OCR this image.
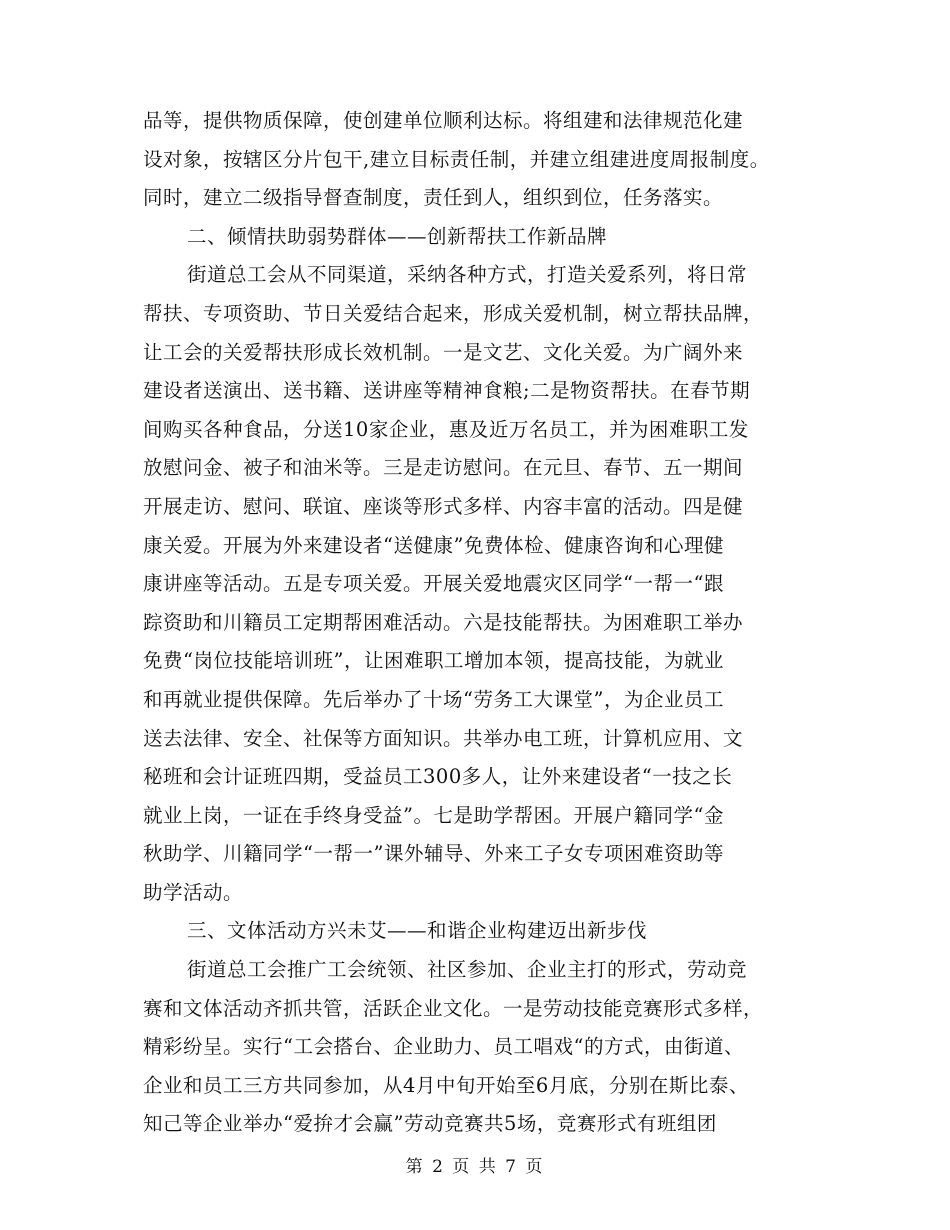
品等，提供物质保障，使创建单位顺利达标。将组建和法律规范化建
设对象，按辖区分片包干,建立目标责任制，并建立组建进度周报制度。
同时，建立二级指导督查制度，责任到人，组织到位，任务落实。
二、倾情扶助弱势群体——创新帮扶工作新品牌
街道总工会从不同渠道，采纳各种方式，打造关爱系列，将日常
帮扶、专项资助、节日关爱结合起来，形成关爱机制，树立帮扶品牌，
让工会的关爱帮扶形成长效机制。一是文艺、文化关爱。为广阔外来
建设者送演出、送书籍、送讲座等精神食粮;二是物资帮扶。在春节期
间购买各种食品，分送10家企业，惠及近万名员工，并为困难职工发
放慰问金、被子和油米等。三是走访慰问。在元旦、春节、五一期间
开展走访、慰问、联谊、座谈等形式多样、内容丰富的活动。四是健
康关爱。开展为外来建设者“送健康”免费体检、健康咨询和心理健
康讲座等活动。五是专项关爱。开展关爱地震灾区同学“一帮一“跟
踪资助和川籍员工定期帮困难活动。六是技能帮扶。为困难职工举办
免费“岗位技能培训班”，让困难职工增加本领，提高技能，为就业
和再就业提供保障。先后举办了十场“劳务工大课堂”，为企业员工
送去法律、安全、社保等方面知识。共举办电工班，计算机应用、文
秘班和会计证班四期，受益员工300多人，让外来建设者“一技之长
就业上岗，一证在手终身受益”。七是助学帮困。开展户籍同学“金
秋助学、川籍同学“一帮一”课外辅导、外来工子女专项困难资助等
助学活动。
三、文体活动方兴未艾——和谐企业构建迈出新步伐
街道总工会推广工会统领、社区参加、企业主打的形式，劳动竞
赛和文体活动齐抓共管，活跃企业文化。一是劳动技能竞赛形式多样，
精彩纷呈。实行“工会搭台、企业助力、员工唱戏“的方式，由街道、
企业和员工三方共同参加，从4月中旬开始至6月底，分别在斯比泰、
知己等企业举办“爱拚才会赢”劳动竞赛共5场，竞赛形式有班组团
第 2 页 共 7 页
